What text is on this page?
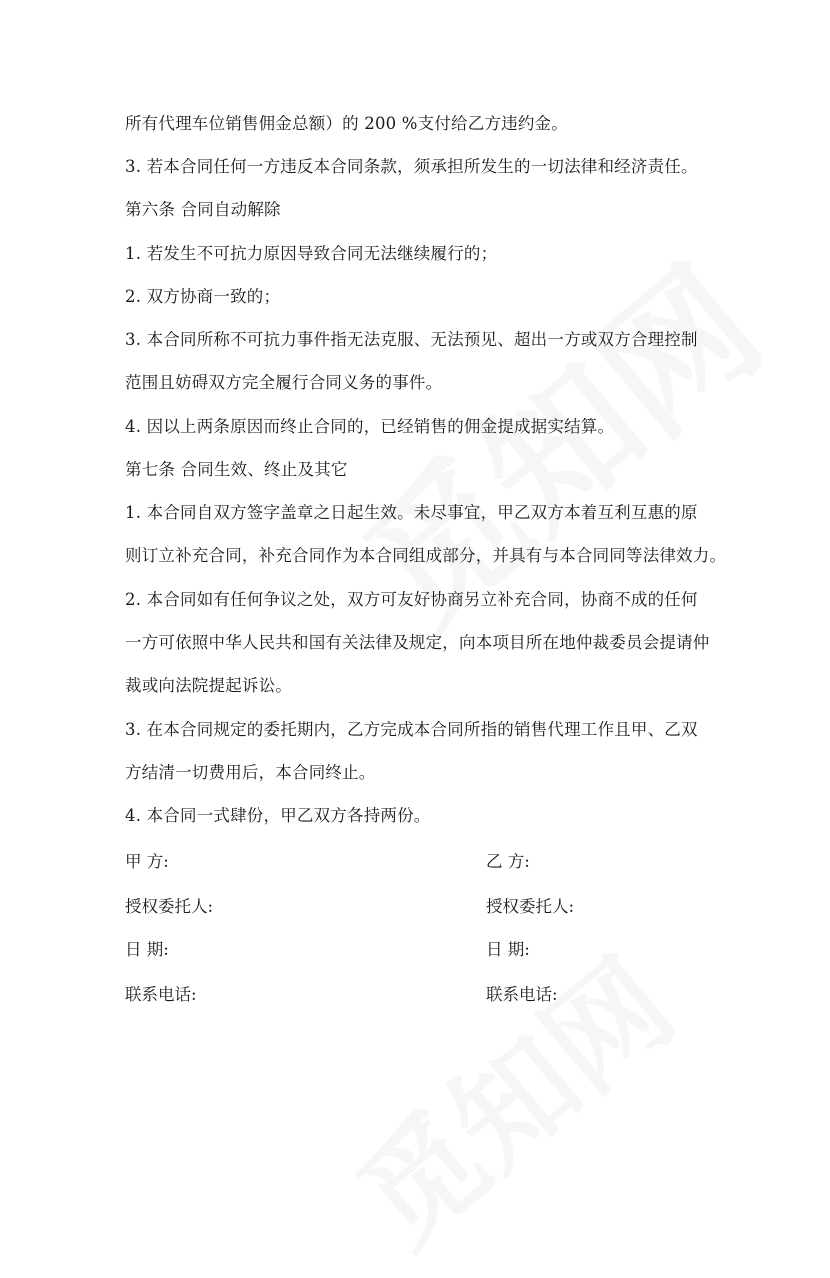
所有代理车位销售佣金总额）的 200 %支付给乙方违约金。
3. 若本合同任何一方违反本合同条款，须承担所发生的一切法律和经济责任。
第六条 合同自动解除
1. 若发生不可抗力原因导致合同无法继续履行的；
2. 双方协商一致的；
3. 本合同所称不可抗力事件指无法克服、无法预见、超出一方或双方合理控制
范围且妨碍双方完全履行合同义务的事件。
4. 因以上两条原因而终止合同的，已经销售的佣金提成据实结算。
第七条 合同生效、终止及其它
1. 本合同自双方签字盖章之日起生效。未尽事宜，甲乙双方本着互利互惠的原
则订立补充合同，补充合同作为本合同组成部分，并具有与本合同同等法律效力。
2. 本合同如有任何争议之处，双方可友好协商另立补充合同，协商不成的任何
一方可依照中华人民共和国有关法律及规定，向本项目所在地仲裁委员会提请仲
裁或向法院提起诉讼。
3. 在本合同规定的委托期内，乙方完成本合同所指的销售代理工作且甲、乙双
方结清一切费用后，本合同终止。
4. 本合同一式肆份，甲乙双方各持两份。
甲 方:	乙 方:
授权委托人:	授权委托人:
日 期:	日 期:
联系电话:	联系电话:
